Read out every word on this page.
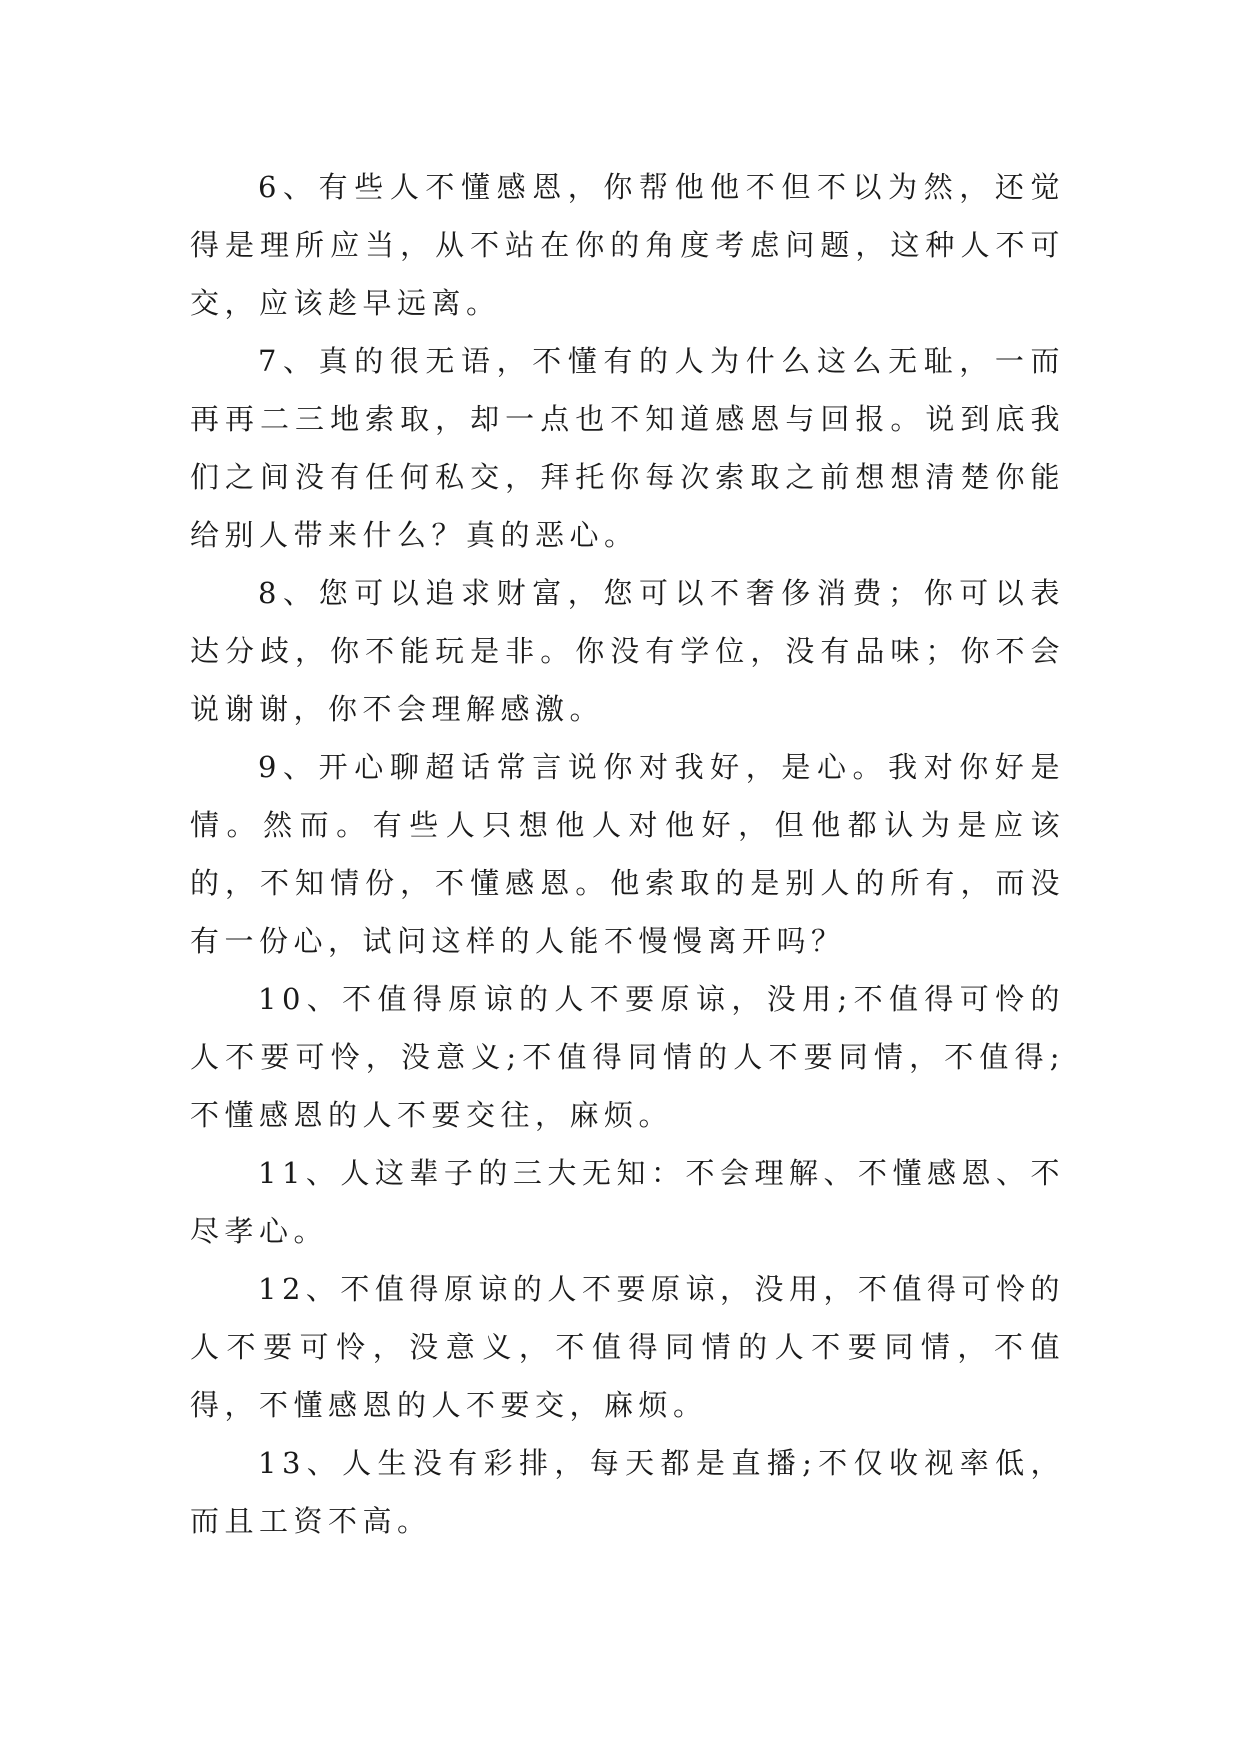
6、有些人不懂感恩，你帮他他不但不以为然，还觉得是理所应当，从不站在你的角度考虑问题，这种人不可交，应该趁早远离。

7、真的很无语，不懂有的人为什么这么无耻，一而再再二三地索取，却一点也不知道感恩与回报。说到底我们之间没有任何私交，拜托你每次索取之前想想清楚你能给别人带来什么？真的恶心。

8、您可以追求财富，您可以不奢侈消费；你可以表达分歧，你不能玩是非。你没有学位，没有品味；你不会说谢谢，你不会理解感激。

9、开心聊超话常言说你对我好，是心。我对你好是情。然而。有些人只想他人对他好，但他都认为是应该的，不知情份，不懂感恩。他索取的是别人的所有，而没有一份心，试问这样的人能不慢慢离开吗？

10、不值得原谅的人不要原谅，没用;不值得可怜的人不要可怜，没意义;不值得同情的人不要同情，不值得;不懂感恩的人不要交往，麻烦。

11、人这辈子的三大无知：不会理解、不懂感恩、不尽孝心。

12、不值得原谅的人不要原谅，没用，不值得可怜的人不要可怜，没意义，不值得同情的人不要同情，不值得，不懂感恩的人不要交，麻烦。

13、人生没有彩排，每天都是直播;不仅收视率低，而且工资不高。
